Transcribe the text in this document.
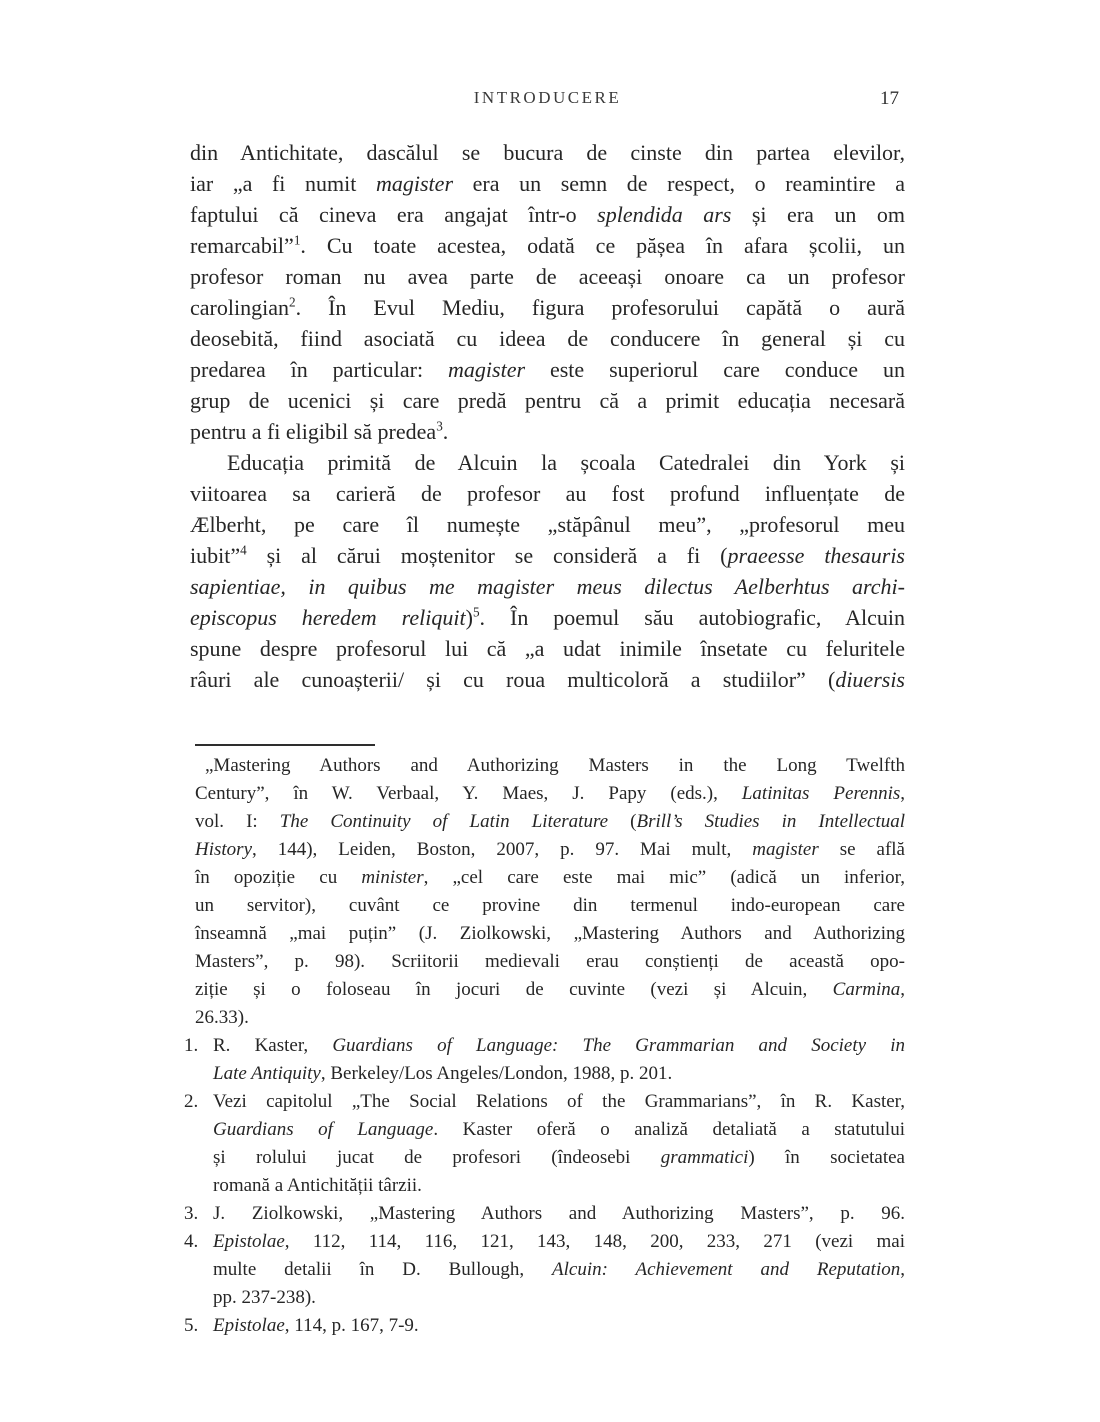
INTRODUCERE	17
din Antichitate, dascălul se bucura de cinste din partea elevilor,
iar „a fi numit magister era un semn de respect, o reamintire a
faptului că cineva era angajat într-o splendida ars și era un om
remarcabil”$^1$. Cu toate acestea, odată ce pășea în afara școlii, un
profesor roman nu avea parte de aceeași onoare ca un profesor
carolingian$^2$. În Evul Mediu, figura profesorului capătă o aură
deosebită, fiind asociată cu ideea de conducere în general și cu
predarea în particular: magister este superiorul care conduce un
grup de ucenici și care predă pentru că a primit educația necesară
pentru a fi eligibil să predea$^3$.
Educația primită de Alcuin la școala Catedralei din York și
viitoarea sa carieră de profesor au fost profund influențate de
Ælberht, pe care îl numește „stăpânul meu”, „profesorul meu
iubit”$^4$ și al cărui moștenitor se consideră a fi (praeesse thesauris
sapientiae, in quibus me magister meus dilectus Aelberhtus archi-
episcopus heredem reliquit)$^5$. În poemul său autobiografic, Alcuin
spune despre profesorul lui că „a udat inimile însetate cu feluritele
râuri ale cunoașterii/ și cu roua multicoloră a studiilor” (diuersis
„Mastering Authors and Authorizing Masters in the Long Twelfth
Century”, în W. Verbaal, Y. Maes, J. Papy (eds.), Latinitas Perennis,
vol. I: The Continuity of Latin Literature (Brill’s Studies in Intellectual
History, 144), Leiden, Boston, 2007, p. 97. Mai mult, magister se află
în opoziție cu minister, „cel care este mai mic” (adică un inferior,
un servitor), cuvânt ce provine din termenul indo-european care
înseamnă „mai puțin” (J. Ziolkowski, „Mastering Authors and Authorizing
Masters”, p. 98). Scriitorii medievali erau conștienți de această opo-
ziție și o foloseau în jocuri de cuvinte (vezi și Alcuin, Carmina,
26.33).
1. R. Kaster, Guardians of Language: The Grammarian and Society in
Late Antiquity, Berkeley/Los Angeles/London, 1988, p. 201.
2. Vezi capitolul „The Social Relations of the Grammarians”, în R. Kaster,
Guardians of Language. Kaster oferă o analiză detaliată a statutului
și rolului jucat de profesori (îndeosebi grammatici) în societatea
romană a Antichității târzii.
3. J. Ziolkowski, „Mastering Authors and Authorizing Masters”, p. 96.
4. Epistolae, 112, 114, 116, 121, 143, 148, 200, 233, 271 (vezi mai
multe detalii în D. Bullough, Alcuin: Achievement and Reputation,
pp. 237-238).
5. Epistolae, 114, p. 167, 7-9.
